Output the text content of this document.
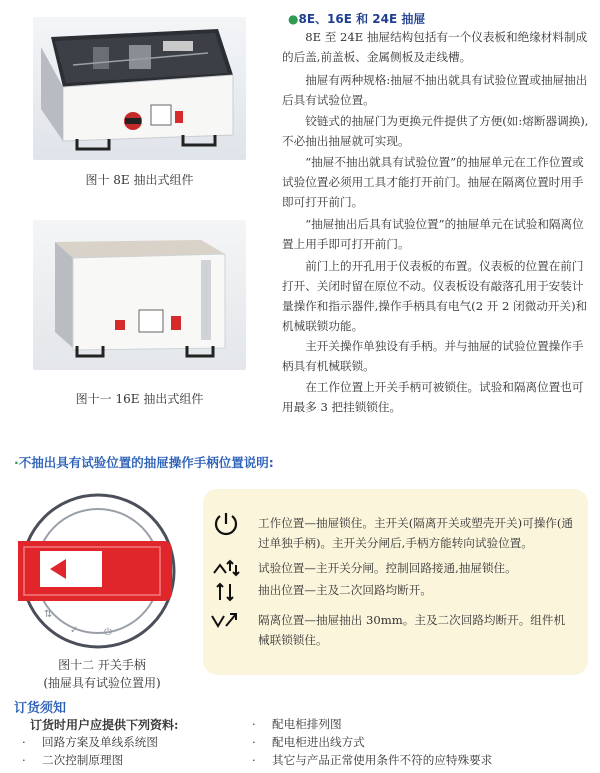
图十 8E 抽出式组件
图十一 16E 抽出式组件
●8E、16E 和 24E 抽屉
8E 至 24E 抽屉结构包括有一个仪表板和绝缘材料制成的后盖,前盖板、金属侧板及走线槽。
抽屉有两种规格:抽屉不抽出就具有试验位置或抽屉抽出后具有试验位置。
铰链式的抽屉门为更换元件提供了方便(如:熔断器调换),不必抽出抽屉就可实现。
“抽屉不抽出就具有试验位置”的抽屉单元在工作位置或试验位置必须用工具才能打开前门。抽屉在隔离位置时用手即可打开前门。
“抽屉抽出后具有试验位置”的抽屉单元在试验和隔离位置上用手即可打开前门。
前门上的开孔用于仪表板的布置。仪表板的位置在前门打开、关闭时留在原位不动。仪表板设有敲落孔用于安装计量操作和指示器件,操作手柄具有电气(2 开 2 闭微动开关)和机械联锁功能。
主开关操作单独设有手柄。并与抽屉的试验位置操作手柄具有机械联锁。
在工作位置上开关手柄可被锁住。试验和隔离位置也可用最多 3 把挂锁锁住。
·不抽出具有试验位置的抽屉操作手柄位置说明:
⇅
✓	⏻
图十二 开关手柄
(抽屉具有试验位置用)
工作位置—抽屉锁住。主开关(隔离开关或塑壳开关)可操作(通过单独手柄)。主开关分闸后,手柄方能转向试验位置。
试验位置—主开关分闸。控制回路接通,抽屉锁住。
抽出位置—主及二次回路均断开。
隔离位置—抽屉抽出 30mm。主及二次回路均断开。组件机械联锁锁住。
订货须知
订货时用户应提供下列资料:
· 回路方案及单线系统图
· 二次控制原理图
· 配电柜排列图
· 配电柜进出线方式
· 其它与产品正常使用条件不符的应特殊要求
